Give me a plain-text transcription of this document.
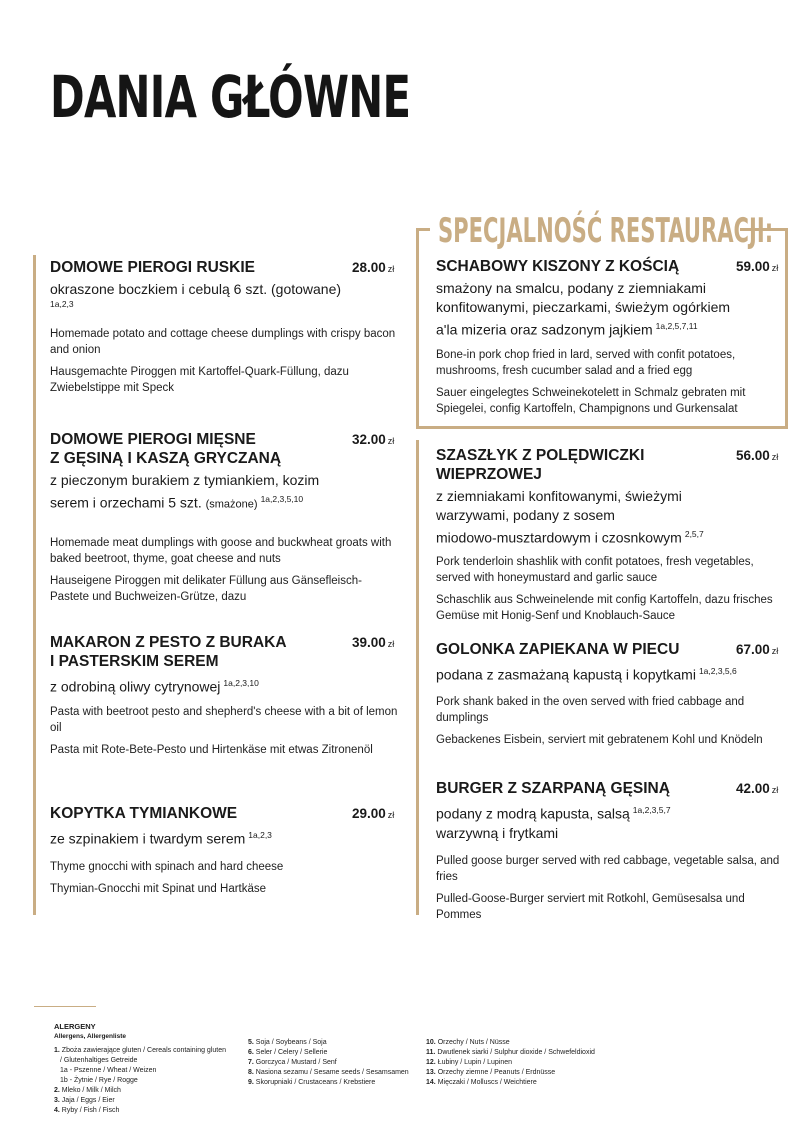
DANIA GŁÓWNE
SPECJALNOŚĆ RESTAURACJI:
DOMOWE PIEROGI RUSKIE	28.00 zł
okraszone boczkiem i cebulą 6 szt. (gotowane)
1a,2,3
Homemade potato and cottage cheese dumplings with crispy bacon and onion
Hausgemachte Piroggen mit Kartoffel-Quark-Füllung, dazu Zwiebelstippe mit Speck
DOMOWE PIEROGI MIĘSNE
Z GĘSINĄ I KASZĄ GRYCZANĄ
32.00 zł
z pieczonym burakiem z tymiankiem, kozim serem i orzechami 5 szt. (smażone) $^{1a,2,3,5,10}$
Homemade meat dumplings with goose and buckwheat groats with baked beetroot, thyme, goat cheese and nuts
Hauseigene Piroggen mit delikater Füllung aus Gänsefleisch-Pastete und Buchweizen-Grütze, dazu
MAKARON Z PESTO Z BURAKA
I PASTERSKIM SEREM
39.00 zł
z odrobiną oliwy cytrynowej $^{1a,2,3,10}$
Pasta with beetroot pesto and shepherd's cheese with a bit of lemon oil
Pasta mit Rote-Bete-Pesto und Hirtenkäse mit etwas Zitronenöl
KOPYTKA TYMIANKOWE	29.00 zł
ze szpinakiem i twardym serem $^{1a,2,3}$
Thyme gnocchi with spinach and hard cheese
Thymian-Gnocchi mit Spinat und Hartkäse
SCHABOWY KISZONY Z KOŚCIĄ	59.00 zł
smażony na smalcu, podany z ziemniakami
konfitowanymi, pieczarkami, świeżym ogórkiem
a'la mizeria oraz sadzonym jajkiem $^{1a,2,5,7,11}$
Bone-in pork chop fried in lard, served with confit potatoes, mushrooms, fresh cucumber salad and a fried egg
Sauer eingelegtes Schweinekotelett in Schmalz gebraten mit Spiegelei, config Kartoffeln, Champignons und Gurkensalat
SZASZŁYK Z POLĘDWICZKI
WIEPRZOWEJ
56.00 zł
z ziemniakami konfitowanymi, świeżymi
warzywami, podany z sosem
miodowo-musztardowym i czosnkowym $^{2,5,7}$
Pork tenderloin shashlik with confit potatoes, fresh vegetables, served with honeymustard and garlic sauce
Schaschlik aus Schweinelende mit config Kartoffeln, dazu frisches Gemüse mit Honig-Senf und Knoblauch-Sauce
GOLONKA ZAPIEKANA W PIECU	67.00 zł
podana z zasmażaną kapustą i kopytkami $^{1a,2,3,5,6}$
Pork shank baked in the oven served with fried cabbage and dumplings
Gebackenes Eisbein, serviert mit gebratenem Kohl und Knödeln
BURGER Z SZARPANĄ GĘSINĄ	42.00 zł
podany z modrą kapusta, salsą $^{1a,2,3,5,7}$
warzywną i frytkami
Pulled goose burger served with red cabbage, vegetable salsa, and fries
Pulled-Goose-Burger serviert mit Rotkohl, Gemüsesalsa und Pommes
ALERGENY
Allergens, Allergenliste
1. Zboża zawierające gluten / Cereals containing gluten
/ Glutenhaltiges Getreide
1a - Pszenne / Wheat / Weizen
1b - Żytnie / Rye / Rogge
2. Mleko / Milk / Milch
3. Jaja / Eggs / Eier
4. Ryby / Fish / Fisch
5. Soja / Soybeans / Soja
6. Seler / Celery / Sellerie
7. Gorczyca / Mustard / Senf
8. Nasiona sezamu / Sesame seeds / Sesamsamen
9. Skorupniaki / Crustaceans / Krebstiere
10. Orzechy / Nuts / Nüsse
11. Dwutlenek siarki / Sulphur dioxide / Schwefeldioxid
12. Łubiny / Lupin / Lupinen
13. Orzechy ziemne / Peanuts / Erdnüsse
14. Mięczaki / Molluscs / Weichtiere
